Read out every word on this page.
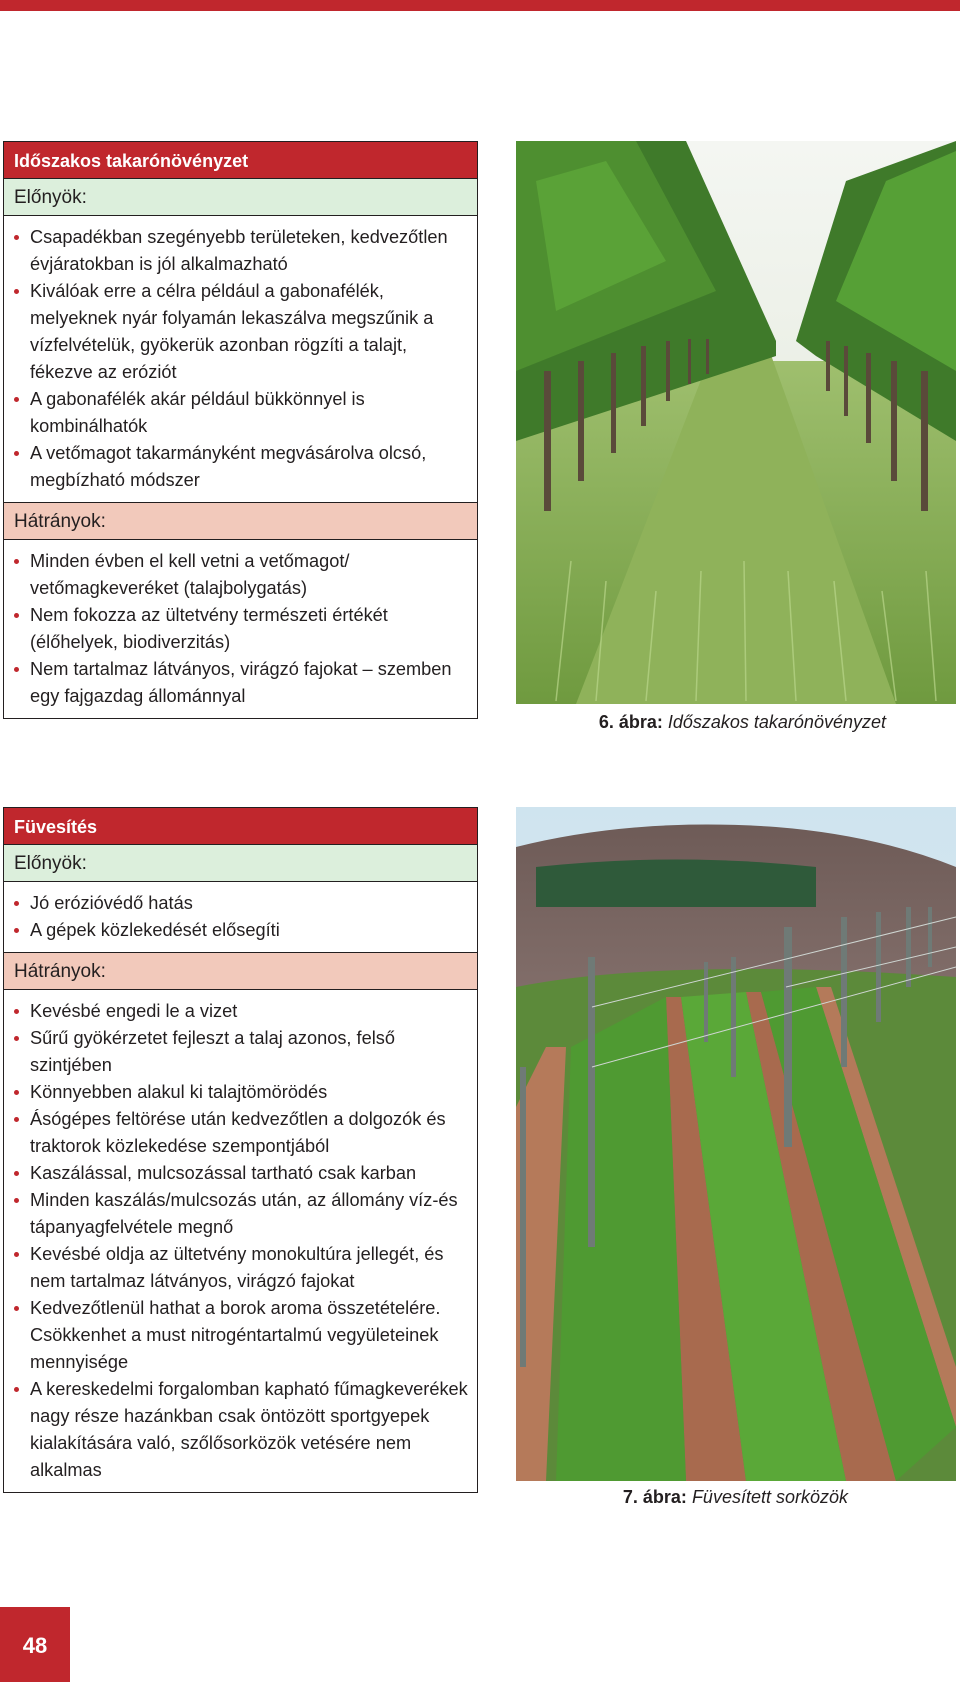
Időszakos takarónövényzet
Előnyök:
Csapadékban szegényebb területeken, kedvezőtlen évjáratokban is jól alkalmazható
Kiválóak erre a célra például a gabonafélék, melyeknek nyár folyamán lekaszálva megszűnik a vízfelvételük, gyökerük azonban rögzíti a talajt, fékezve az eróziót
A gabonafélék akár például bükkönnyel is kombinálhatók
A vetőmagot takarmányként megvásárolva olcsó, megbízható módszer
Hátrányok:
Minden évben el kell vetni a vetőmagot/ vetőmagkeveréket (talajbolygatás)
Nem fokozza az ültetvény természeti értékét (élőhelyek, biodiverzitás)
Nem tartalmaz látványos, virágzó fajokat – szemben egy fajgazdag állománnyal
6. ábra: Időszakos takarónövényzet
Füvesítés
Előnyök:
Jó erózióvédő hatás
A gépek közlekedését elősegíti
Hátrányok:
Kevésbé engedi le a vizet
Sűrű gyökérzetet fejleszt a talaj azonos, felső szintjében
Könnyebben alakul ki talajtömörödés
Ásógépes feltörése után kedvezőtlen a dolgozók és traktorok közlekedése szempontjából
Kaszálással, mulcsozással tartható csak karban
Minden kaszálás/mulcsozás után, az állomány víz-és tápanyagfelvétele megnő
Kevésbé oldja az ültetvény monokultúra jellegét, és nem tartalmaz látványos, virágzó fajokat
Kedvezőtlenül hathat a borok aroma összetételére. Csökkenhet a must nitrogéntartalmú vegyületeinek mennyisége
A kereskedelmi forgalomban kapható fűmagkeverékek nagy része hazánkban csak öntözött sportgyepek kialakítására való, szőlősorközök vetésére nem alkalmas
7. ábra: Füvesített sorközök
48
